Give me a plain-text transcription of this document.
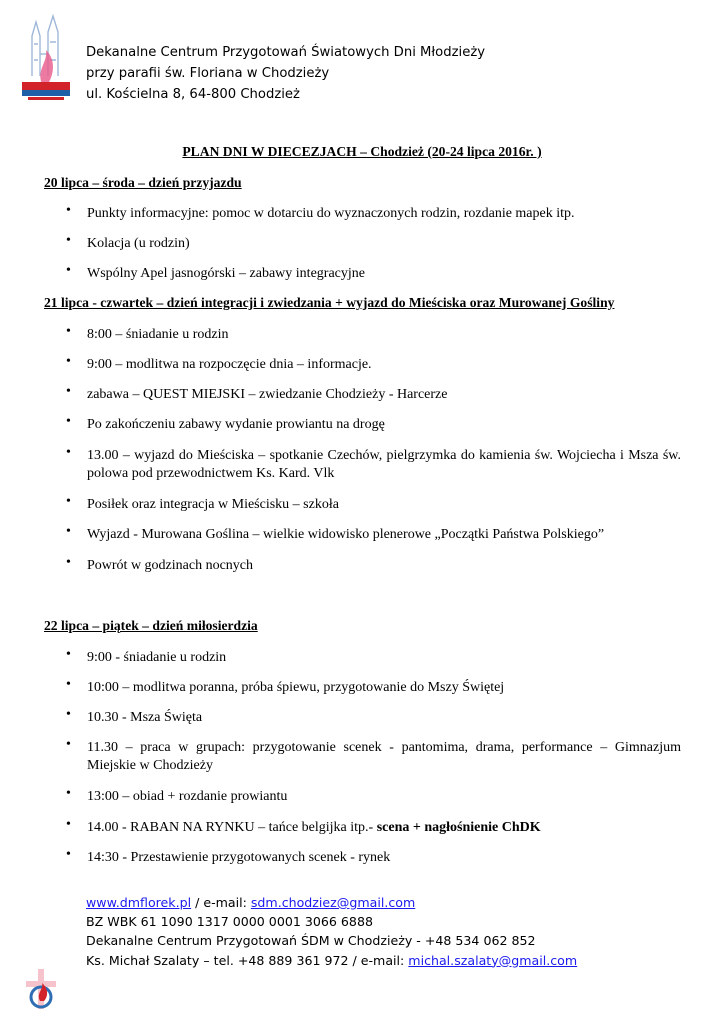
Dekanalne Centrum Przygotowań Światowych Dni Młodzieży
przy parafii św. Floriana w Chodzieży
ul. Kościelna 8, 64-800 Chodzież
PLAN DNI W DIECEZJACH – Chodzież (20-24 lipca 2016r. )
20 lipca – środa – dzień przyjazdu
• Punkty informacyjne: pomoc w dotarciu do wyznaczonych rodzin, rozdanie mapek itp.
• Kolacja (u rodzin)
• Wspólny Apel jasnogórski – zabawy integracyjne
21 lipca - czwartek – dzień integracji i zwiedzania + wyjazd do Mieściska oraz Murowanej Gośliny
• 8:00 – śniadanie u rodzin
• 9:00 – modlitwa na rozpoczęcie dnia – informacje.
• zabawa – QUEST MIEJSKI – zwiedzanie Chodzieży - Harcerze
• Po zakończeniu zabawy wydanie prowiantu na drogę
• 13.00 – wyjazd do Mieściska – spotkanie Czechów, pielgrzymka do kamienia św. Wojciecha i Msza św. polowa pod przewodnictwem Ks. Kard. Vlk
• Posiłek oraz integracja w Mieścisku – szkoła
• Wyjazd - Murowana Goślina – wielkie widowisko plenerowe „Początki Państwa Polskiego”
• Powrót w godzinach nocnych
22 lipca – piątek – dzień miłosierdzia
• 9:00 - śniadanie u rodzin
• 10:00 – modlitwa poranna, próba śpiewu, przygotowanie do Mszy Świętej
• 10.30 - Msza Święta
• 11.30 – praca w grupach: przygotowanie scenek - pantomima, drama, performance – Gimnazjum Miejskie w Chodzieży
• 13:00 – obiad + rozdanie prowiantu
• 14.00 - RABAN NA RYNKU – tańce belgijka itp.- scena + nagłośnienie ChDK
• 14:30 - Przestawienie przygotowanych scenek - rynek
www.dmflorek.pl / e-mail: sdm.chodziez@gmail.com
BZ WBK 61 1090 1317 0000 0001 3066 6888
Dekanalne Centrum Przygotowań ŚDM w Chodzieży - +48 534 062 852
Ks. Michał Szalaty – tel. +48 889 361 972 / e-mail: michal.szalaty@gmail.com
